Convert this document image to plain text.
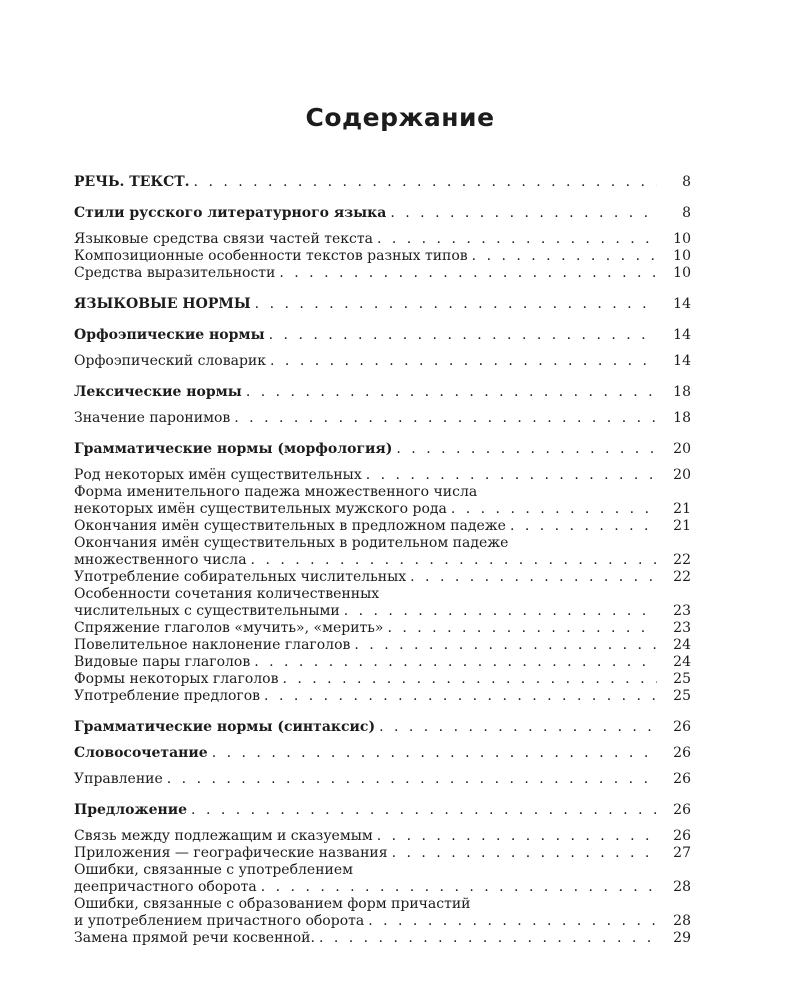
Содержание
РЕЧЬ. ТЕКСТ. . . .	8
Стили русского литературного языка . . .	8
Языковые средства связи частей текста . . .	10
Композиционные особенности текстов разных типов . . .	10
Средства выразительности . . .	10
ЯЗЫКОВЫЕ НОРМЫ . . .	14
Орфоэпические нормы . . .	14
Орфоэпический словарик . . .	14
Лексические нормы . . .	18
Значение паронимов . . .	18
Грамматические нормы (морфология) . . .	20
Род некоторых имён существительных . . .	20
Форма именительного падежа множественного числа
некоторых имён существительных мужского рода . . .	21
Окончания имён существительных в предложном падеже . . .	21
Окончания имён существительных в родительном падеже
множественного числа . . .	22
Употребление собирательных числительных . . .	22
Особенности сочетания количественных
числительных с существительными . . .	23
Спряжение глаголов «мучить», «мерить» . . .	23
Повелительное наклонение глаголов . . .	24
Видовые пары глаголов . . .	24
Формы некоторых глаголов . . .	25
Употребление предлогов . . .	25
Грамматические нормы (синтаксис) . . .	26
Словосочетание . . .	26
Управление . . .	26
Предложение . . .	26
Связь между подлежащим и сказуемым . . .	26
Приложения — географические названия . . .	27
Ошибки, связанные с употреблением
деепричастного оборота . . .	28
Ошибки, связанные с образованием форм причастий
и употреблением причастного оборота . . .	28
Замена прямой речи косвенной. . . .	29
